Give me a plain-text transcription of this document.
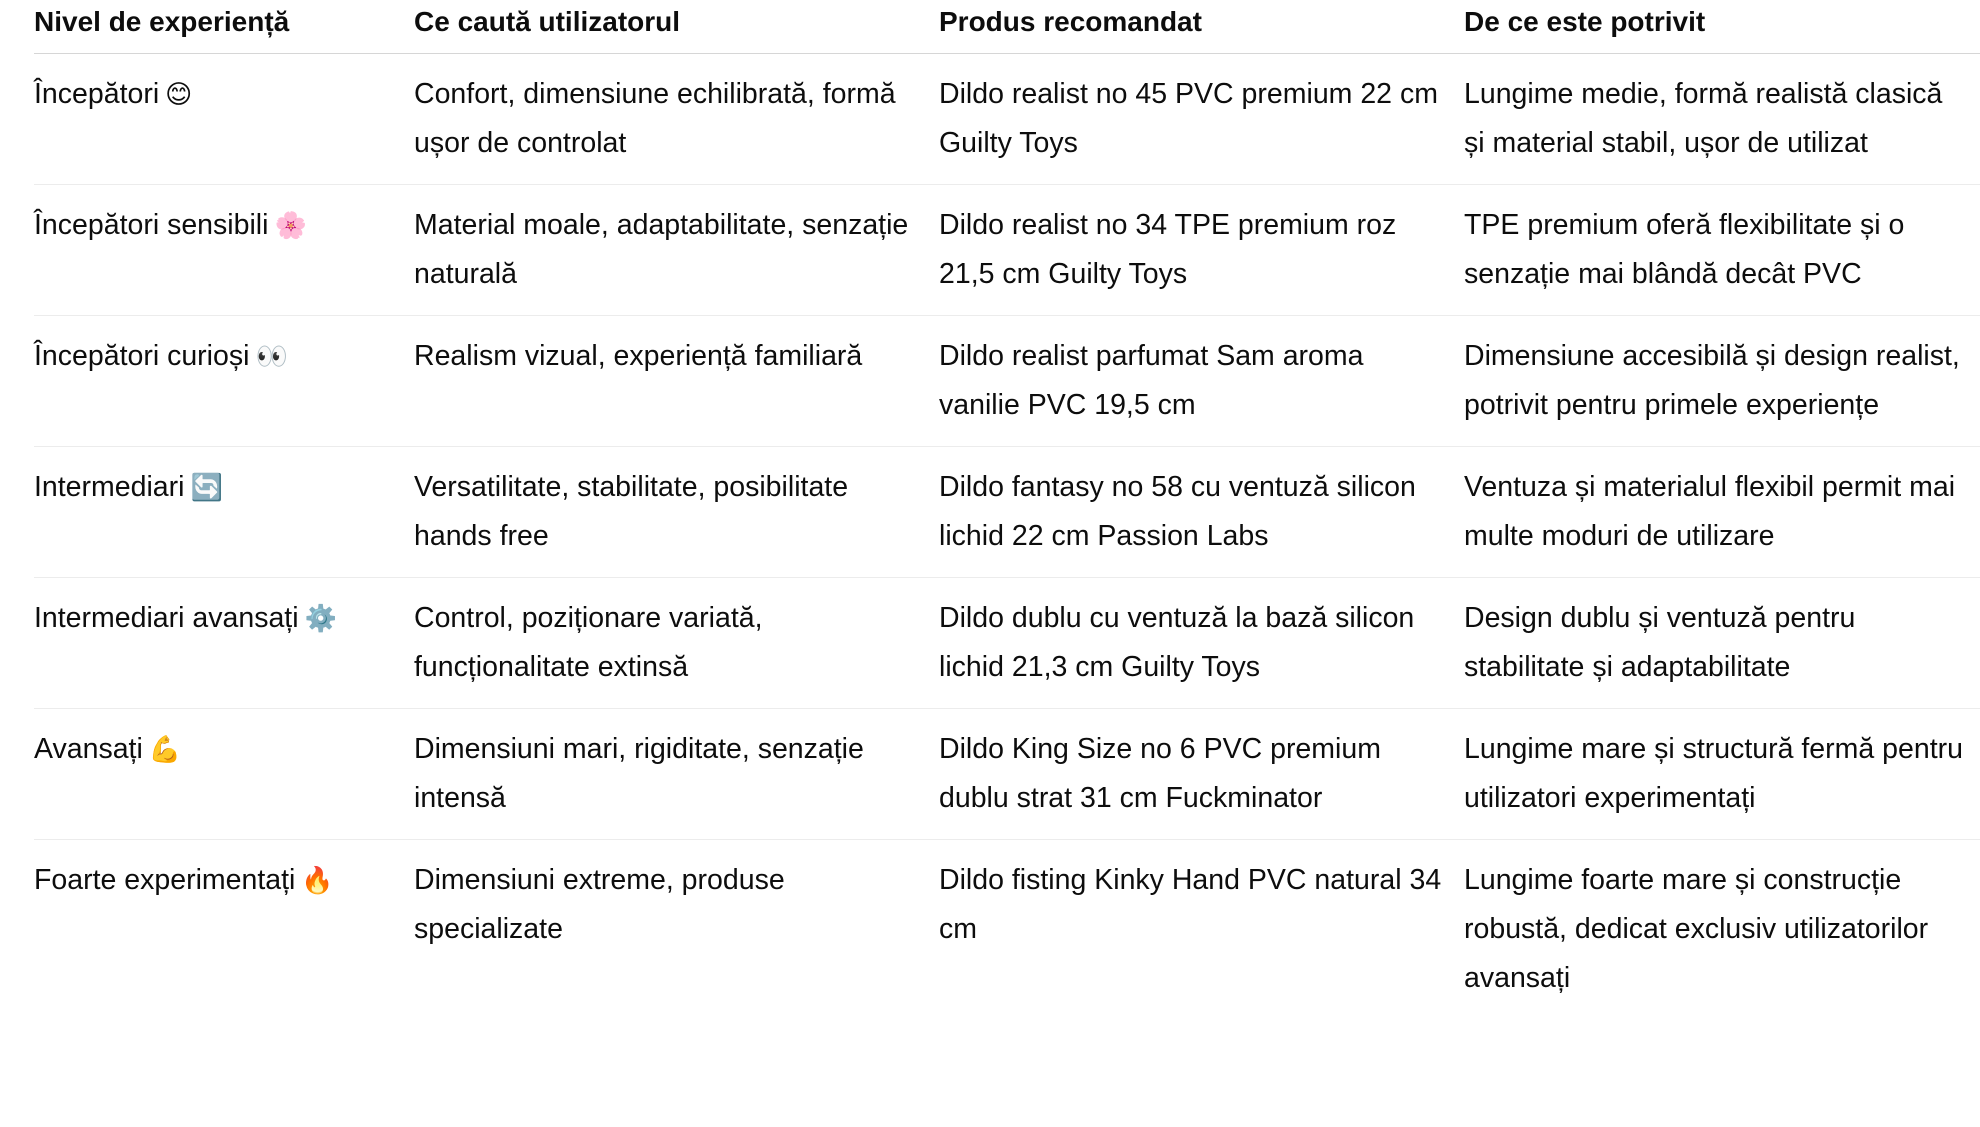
Nivel de experiență	Ce caută utilizatorul	Produs recomandat	De ce este potrivit
Începători 😊	Confort, dimensiune echilibrată, formă ușor de controlat	Dildo realist no 45 PVC premium 22 cm Guilty Toys	Lungime medie, formă realistă clasică și material stabil, ușor de utilizat
Începători sensibili 🌸	Material moale, adaptabilitate, senzație naturală	Dildo realist no 34 TPE premium roz 21,5 cm Guilty Toys	TPE premium oferă flexibilitate și o senzație mai blândă decât PVC
Începători curioși 👀	Realism vizual, experiență familiară	Dildo realist parfumat Sam aroma vanilie PVC 19,5 cm	Dimensiune accesibilă și design realist, potrivit pentru primele experiențe
Intermediari 🔄	Versatilitate, stabilitate, posibilitate hands free	Dildo fantasy no 58 cu ventuză silicon lichid 22 cm Passion Labs	Ventuza și materialul flexibil permit mai multe moduri de utilizare
Intermediari avansați ⚙️	Control, poziționare variată, funcționalitate extinsă	Dildo dublu cu ventuză la bază silicon lichid 21,3 cm Guilty Toys	Design dublu și ventuză pentru stabilitate și adaptabilitate
Avansați 💪	Dimensiuni mari, rigiditate, senzație intensă	Dildo King Size no 6 PVC premium dublu strat 31 cm Fuckminator	Lungime mare și structură fermă pentru utilizatori experimentați
Foarte experimentați 🔥	Dimensiuni extreme, produse specializate	Dildo fisting Kinky Hand PVC natural 34 cm	Lungime foarte mare și construcție robustă, dedicat exclusiv utilizatorilor avansați
